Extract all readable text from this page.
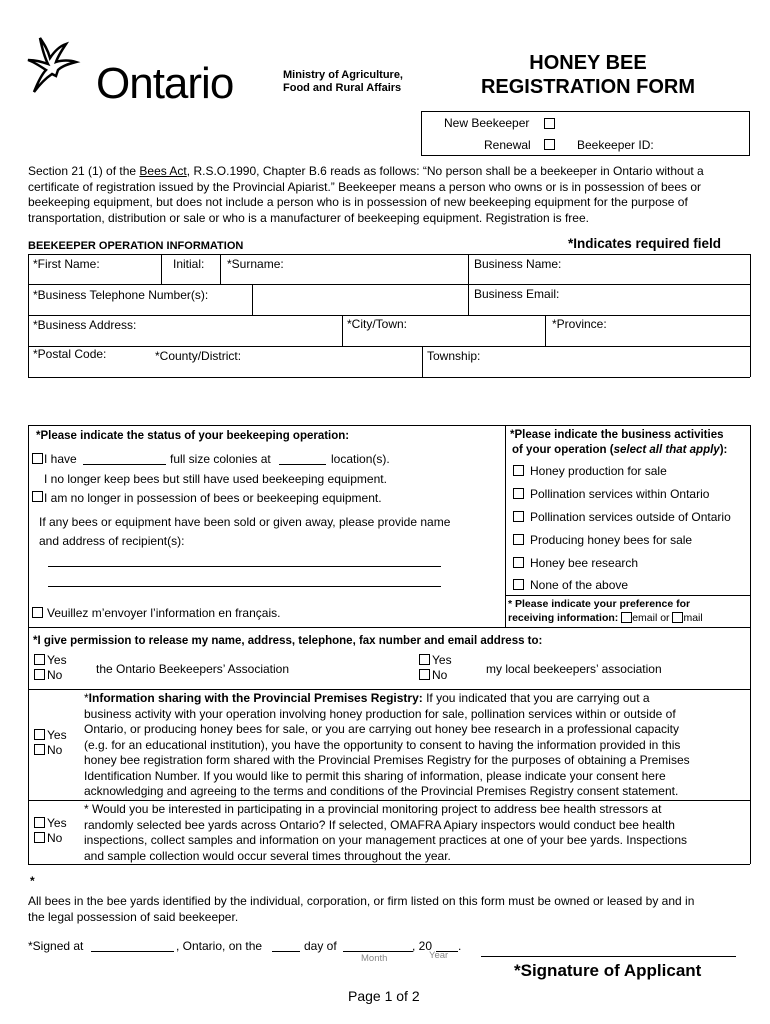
Ontario	Ministry of Agriculture,
Food and Rural Affairs
HONEY BEE
REGISTRATION FORM
New Beekeeper
Renewal	Beekeeper ID:
Section 21 (1) of the Bees Act, R.S.O.1990, Chapter B.6 reads as follows: “No person shall be a beekeeper in Ontario without a
certificate of registration issued by the Provincial Apiarist.” Beekeeper means a person who owns or is in possession of bees or
beekeeping equipment, but does not include a person who is in possession of new beekeeping equipment for the purpose of
transportation, distribution or sale or who is a manufacturer of beekeeping equipment. Registration is free.
BEEKEEPER OPERATION INFORMATION	*Indicates required field
*First Name:	Initial: *Surname:	Business Name:
*Business Telephone Number(s):	Business Email:
*Business Address:	*City/Town:	*Province:
*Postal Code:	*County/District:	Township:
*Please indicate the status of your beekeeping operation:
I have	full size colonies at	location(s).
I no longer keep bees but still have used beekeeping equipment.
I am no longer in possession of bees or beekeeping equipment.
If any bees or equipment have been sold or given away, please provide name
and address of recipient(s):
Veuillez m’envoyer l’information en français.
*Please indicate the business activities
of your operation (select all that apply):
Honey production for sale
Pollination services within Ontario
Pollination services outside of Ontario
Producing honey bees for sale
Honey bee research
None of the above
* Please indicate your preference for
receiving information: email or mail
*I give permission to release my name, address, telephone, fax number and email address to:
Yes
No	the Ontario Beekeepers’ Association
Yes
No	my local beekeepers’ association
Yes
No
*Information sharing with the Provincial Premises Registry: If you indicated that you are carrying out a
business activity with your operation involving honey production for sale, pollination services within or outside of
Ontario, or producing honey bees for sale, or you are carrying out honey bee research in a professional capacity
(e.g. for an educational institution), you have the opportunity to consent to having the information provided in this
honey bee registration form shared with the Provincial Premises Registry for the purposes of obtaining a Premises
Identification Number. If you would like to permit this sharing of information, please indicate your consent here
acknowledging and agreeing to the terms and conditions of the Provincial Premises Registry consent statement.
Yes
No
* Would you be interested in participating in a provincial monitoring project to address bee health stressors at
randomly selected bee yards across Ontario? If selected, OMAFRA Apiary inspectors would conduct bee health
inspections, collect samples and information on your management practices at one of your bee yards. Inspections
and sample collection would occur several times throughout the year.
*
All bees in the bee yards identified by the individual, corporation, or firm listed on this form must be owned or leased by and in
the legal possession of said beekeeper.
*Signed at	, Ontario, on the	day of	, 20 .
Month	Year
*Signature of Applicant
Page 1 of 2
